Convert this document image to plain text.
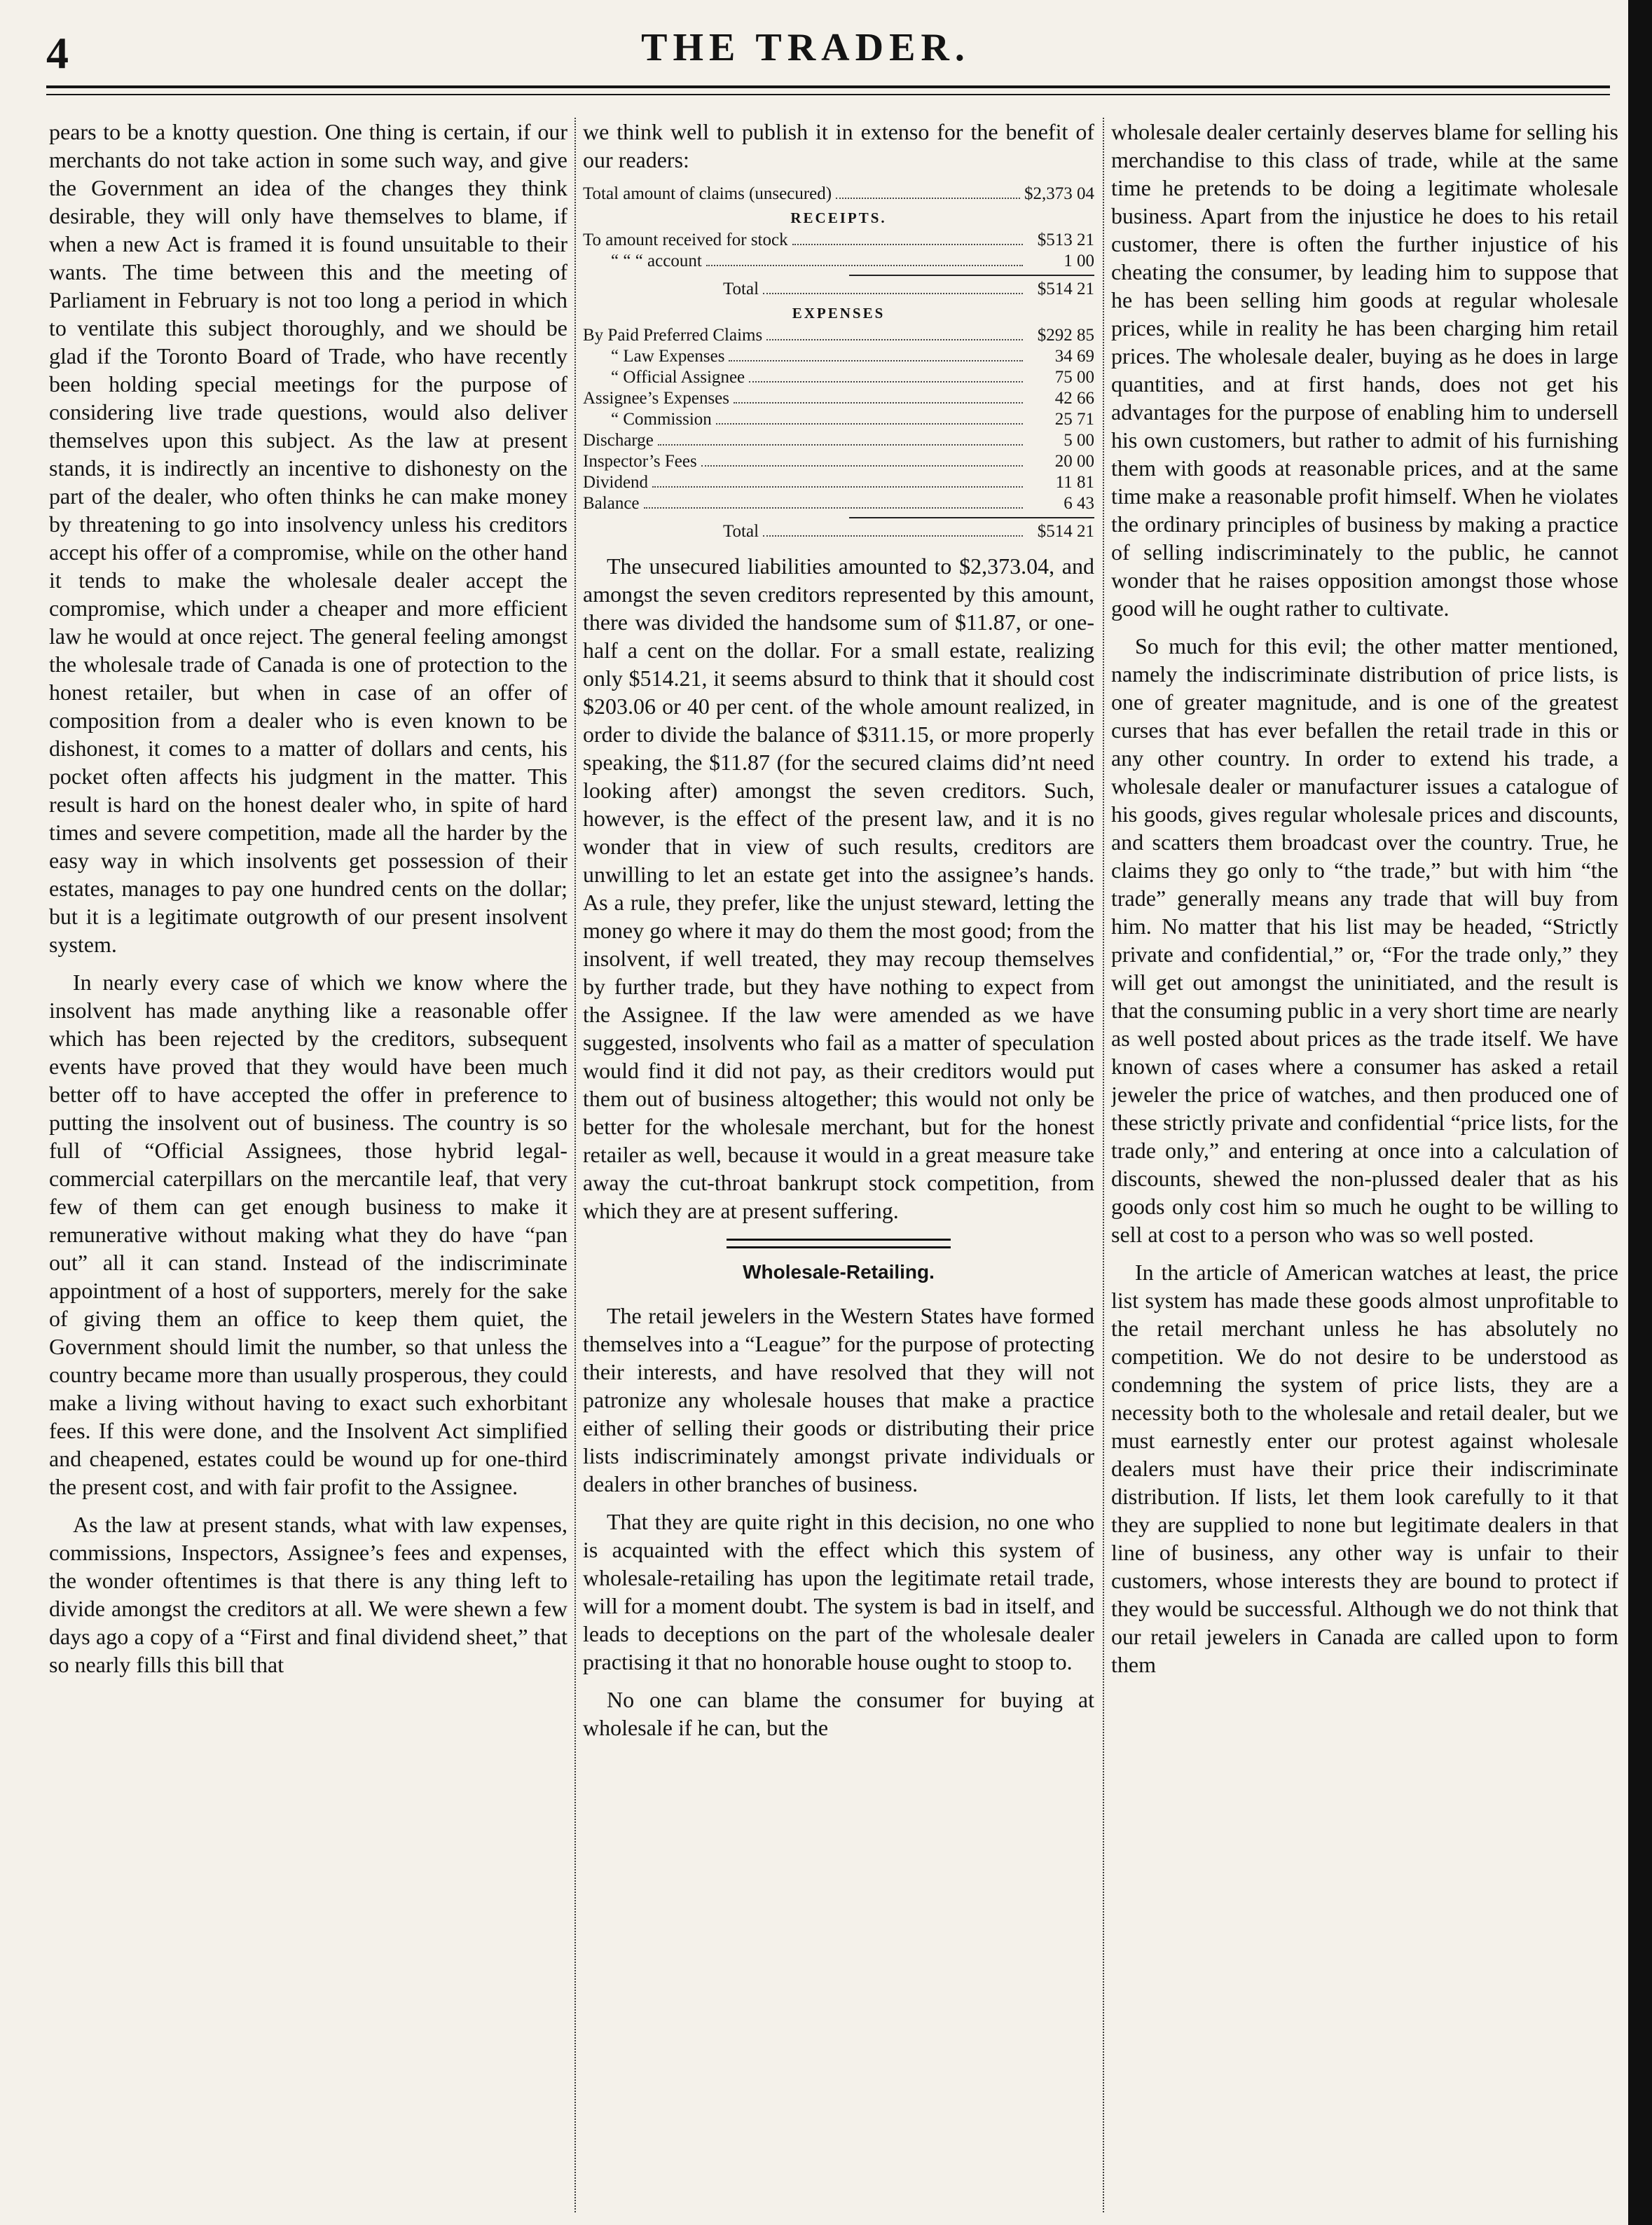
4	THE TRADER.

pears to be a knotty question. One thing is certain, if our merchants do not take action in some such way, and give the Government an idea of the changes they think desirable, they will only have themselves to blame, if when a new Act is framed it is found unsuitable to their wants. The time between this and the meeting of Parliament in February is not too long a period in which to ventilate this subject thoroughly, and we should be glad if the Toronto Board of Trade, who have recently been holding special meetings for the purpose of considering live trade questions, would also deliver themselves upon this subject. As the law at present stands, it is indirectly an incentive to dishonesty on the part of the dealer, who often thinks he can make money by threatening to go into insolvency unless his creditors accept his offer of a compromise, while on the other hand it tends to make the wholesale dealer accept the compromise, which under a cheaper and more efficient law he would at once reject. The general feeling amongst the wholesale trade of Canada is one of protection to the honest retailer, but when in case of an offer of composition from a dealer who is even known to be dishonest, it comes to a matter of dollars and cents, his pocket often affects his judgment in the matter. This result is hard on the honest dealer who, in spite of hard times and severe competition, made all the harder by the easy way in which insolvents get possession of their estates, manages to pay one hundred cents on the dollar; but it is a legitimate outgrowth of our present insolvent system.

In nearly every case of which we know where the insolvent has made anything like a reasonable offer which has been rejected by the creditors, subsequent events have proved that they would have been much better off to have accepted the offer in preference to putting the insolvent out of business. The country is so full of “Official Assignees, those hybrid legal-commercial caterpillars on the mercantile leaf, that very few of them can get enough business to make it remunerative without making what they do have “pan out” all it can stand. Instead of the indiscriminate appointment of a host of supporters, merely for the sake of giving them an office to keep them quiet, the Government should limit the number, so that unless the country became more than usually prosperous, they could make a living without having to exact such exhorbitant fees. If this were done, and the Insolvent Act simplified and cheapened, estates could be wound up for one-third the present cost, and with fair profit to the Assignee.

As the law at present stands, what with law expenses, commissions, Inspectors, Assignee’s fees and expenses, the wonder oftentimes is that there is any thing left to divide amongst the creditors at all. We were shewn a few days ago a copy of a “First and final dividend sheet,” that so nearly fills this bill that

we think well to publish it in extenso for the benefit of our readers:

Total amount of claims (unsecured)	$2,373 04
RECEIPTS.
To amount received for stock	$513 21
“ “ “ account	1 00
Total	$514 21
EXPENSES
By Paid Preferred Claims	$292 85
“ Law Expenses	34 69
“ Official Assignee	75 00
Assignee’s Expenses	42 66
“ Commission	25 71
Discharge	5 00
Inspector’s Fees	20 00
Dividend	11 81
Balance	6 43
Total	$514 21

The unsecured liabilities amounted to $2,373.04, and amongst the seven creditors represented by this amount, there was divided the handsome sum of $11.87, or one-half a cent on the dollar. For a small estate, realizing only $514.21, it seems absurd to think that it should cost $203.06 or 40 per cent. of the whole amount realized, in order to divide the balance of $311.15, or more properly speaking, the $11.87 (for the secured claims did’nt need looking after) amongst the seven creditors. Such, however, is the effect of the present law, and it is no wonder that in view of such results, creditors are unwilling to let an estate get into the assignee’s hands. As a rule, they prefer, like the unjust steward, letting the money go where it may do them the most good; from the insolvent, if well treated, they may recoup themselves by further trade, but they have nothing to expect from the Assignee. If the law were amended as we have suggested, insolvents who fail as a matter of speculation would find it did not pay, as their creditors would put them out of business altogether; this would not only be better for the wholesale merchant, but for the honest retailer as well, because it would in a great measure take away the cut-throat bankrupt stock competition, from which they are at present suffering.

Wholesale-Retailing.

The retail jewelers in the Western States have formed themselves into a “League” for the purpose of protecting their interests, and have resolved that they will not patronize any wholesale houses that make a practice either of selling their goods or distributing their price lists indiscriminately amongst private individuals or dealers in other branches of business.

That they are quite right in this decision, no one who is acquainted with the effect which this system of wholesale-retailing has upon the legitimate retail trade, will for a moment doubt. The system is bad in itself, and leads to deceptions on the part of the wholesale dealer practising it that no honorable house ought to stoop to.

No one can blame the consumer for buying at wholesale if he can, but the

wholesale dealer certainly deserves blame for selling his merchandise to this class of trade, while at the same time he pretends to be doing a legitimate wholesale business. Apart from the injustice he does to his retail customer, there is often the further injustice of his cheating the consumer, by leading him to suppose that he has been selling him goods at regular wholesale prices, while in reality he has been charging him retail prices. The wholesale dealer, buying as he does in large quantities, and at first hands, does not get his advantages for the purpose of enabling him to undersell his own customers, but rather to admit of his furnishing them with goods at reasonable prices, and at the same time make a reasonable profit himself. When he violates the ordinary principles of business by making a practice of selling indiscriminately to the public, he cannot wonder that he raises opposition amongst those whose good will he ought rather to cultivate.

So much for this evil; the other matter mentioned, namely the indiscriminate distribution of price lists, is one of greater magnitude, and is one of the greatest curses that has ever befallen the retail trade in this or any other country. In order to extend his trade, a wholesale dealer or manufacturer issues a catalogue of his goods, gives regular wholesale prices and discounts, and scatters them broadcast over the country. True, he claims they go only to “the trade,” but with him “the trade” generally means any trade that will buy from him. No matter that his list may be headed, “Strictly private and confidential,” or, “For the trade only,” they will get out amongst the uninitiated, and the result is that the consuming public in a very short time are nearly as well posted about prices as the trade itself. We have known of cases where a consumer has asked a retail jeweler the price of watches, and then produced one of these strictly private and confidential “price lists, for the trade only,” and entering at once into a calculation of discounts, shewed the non-plussed dealer that as his goods only cost him so much he ought to be willing to sell at cost to a person who was so well posted.

In the article of American watches at least, the price list system has made these goods almost unprofitable to the retail merchant unless he has absolutely no competition. We do not desire to be understood as condemning the system of price lists, they are a necessity both to the wholesale and retail dealer, but we must earnestly enter our protest against wholesale dealers must have their price their indiscriminate distribution. If lists, let them look carefully to it that they are supplied to none but legitimate dealers in that line of business, any other way is unfair to their customers, whose interests they are bound to protect if they would be successful. Although we do not think that our retail jewelers in Canada are called upon to form them
